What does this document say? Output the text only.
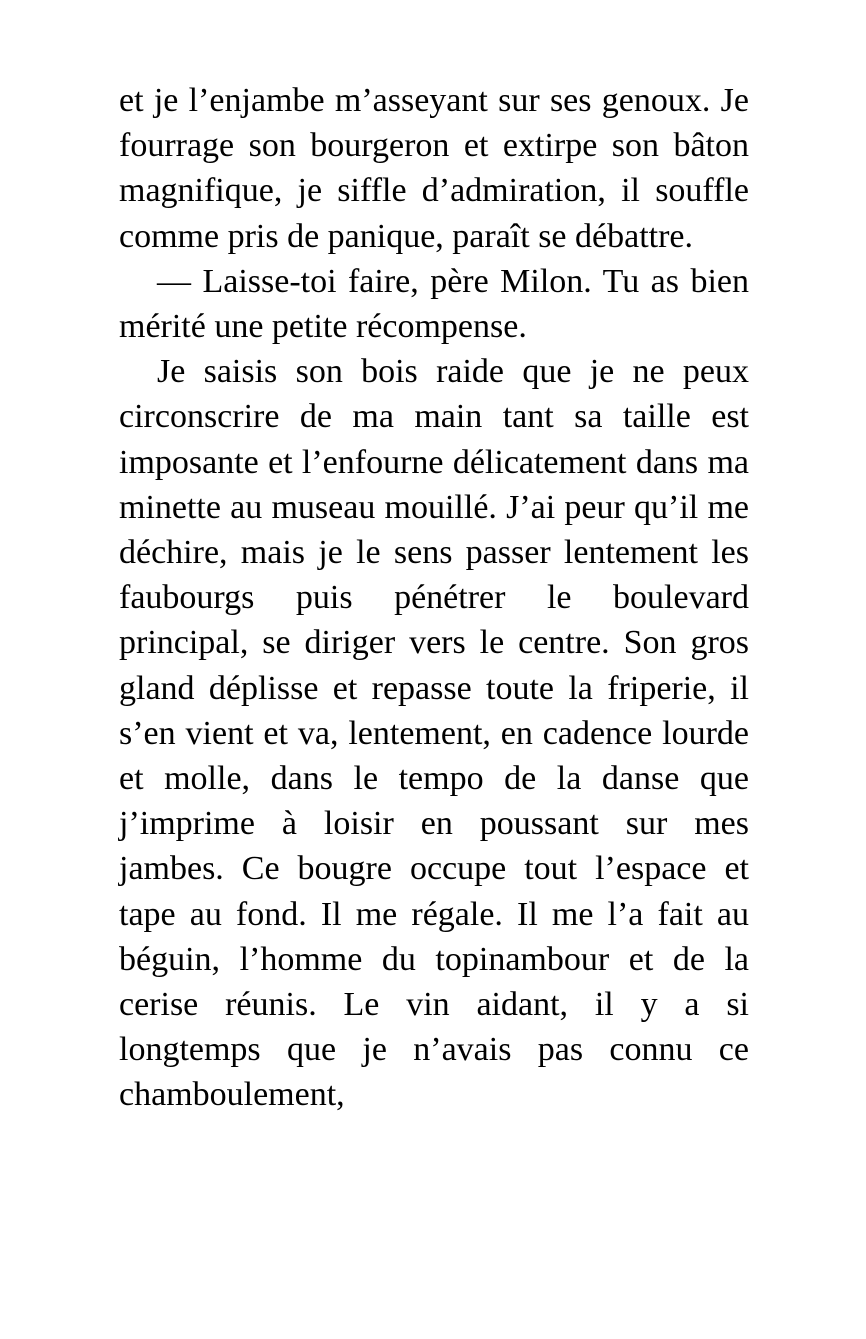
et je l’enjambe m’asseyant sur ses genoux. Je fourrage son bourgeron et extirpe son bâton magnifique, je siffle d’admiration, il souffle comme pris de panique, paraît se débattre.

— Laisse-toi faire, père Milon. Tu as bien mérité une petite récompense.

Je saisis son bois raide que je ne peux circonscrire de ma main tant sa taille est imposante et l’enfourne délicatement dans ma minette au museau mouillé. J’ai peur qu’il me déchire, mais je le sens passer lentement les faubourgs puis pénétrer le boulevard principal, se diriger vers le centre. Son gros gland déplisse et repasse toute la friperie, il s’en vient et va, lentement, en cadence lourde et molle, dans le tempo de la danse que j’imprime à loisir en poussant sur mes jambes. Ce bougre occupe tout l’espace et tape au fond. Il me régale. Il me l’a fait au béguin, l’homme du topinambour et de la cerise réunis. Le vin aidant, il y a si longtemps que je n’avais pas connu ce chamboulement,
